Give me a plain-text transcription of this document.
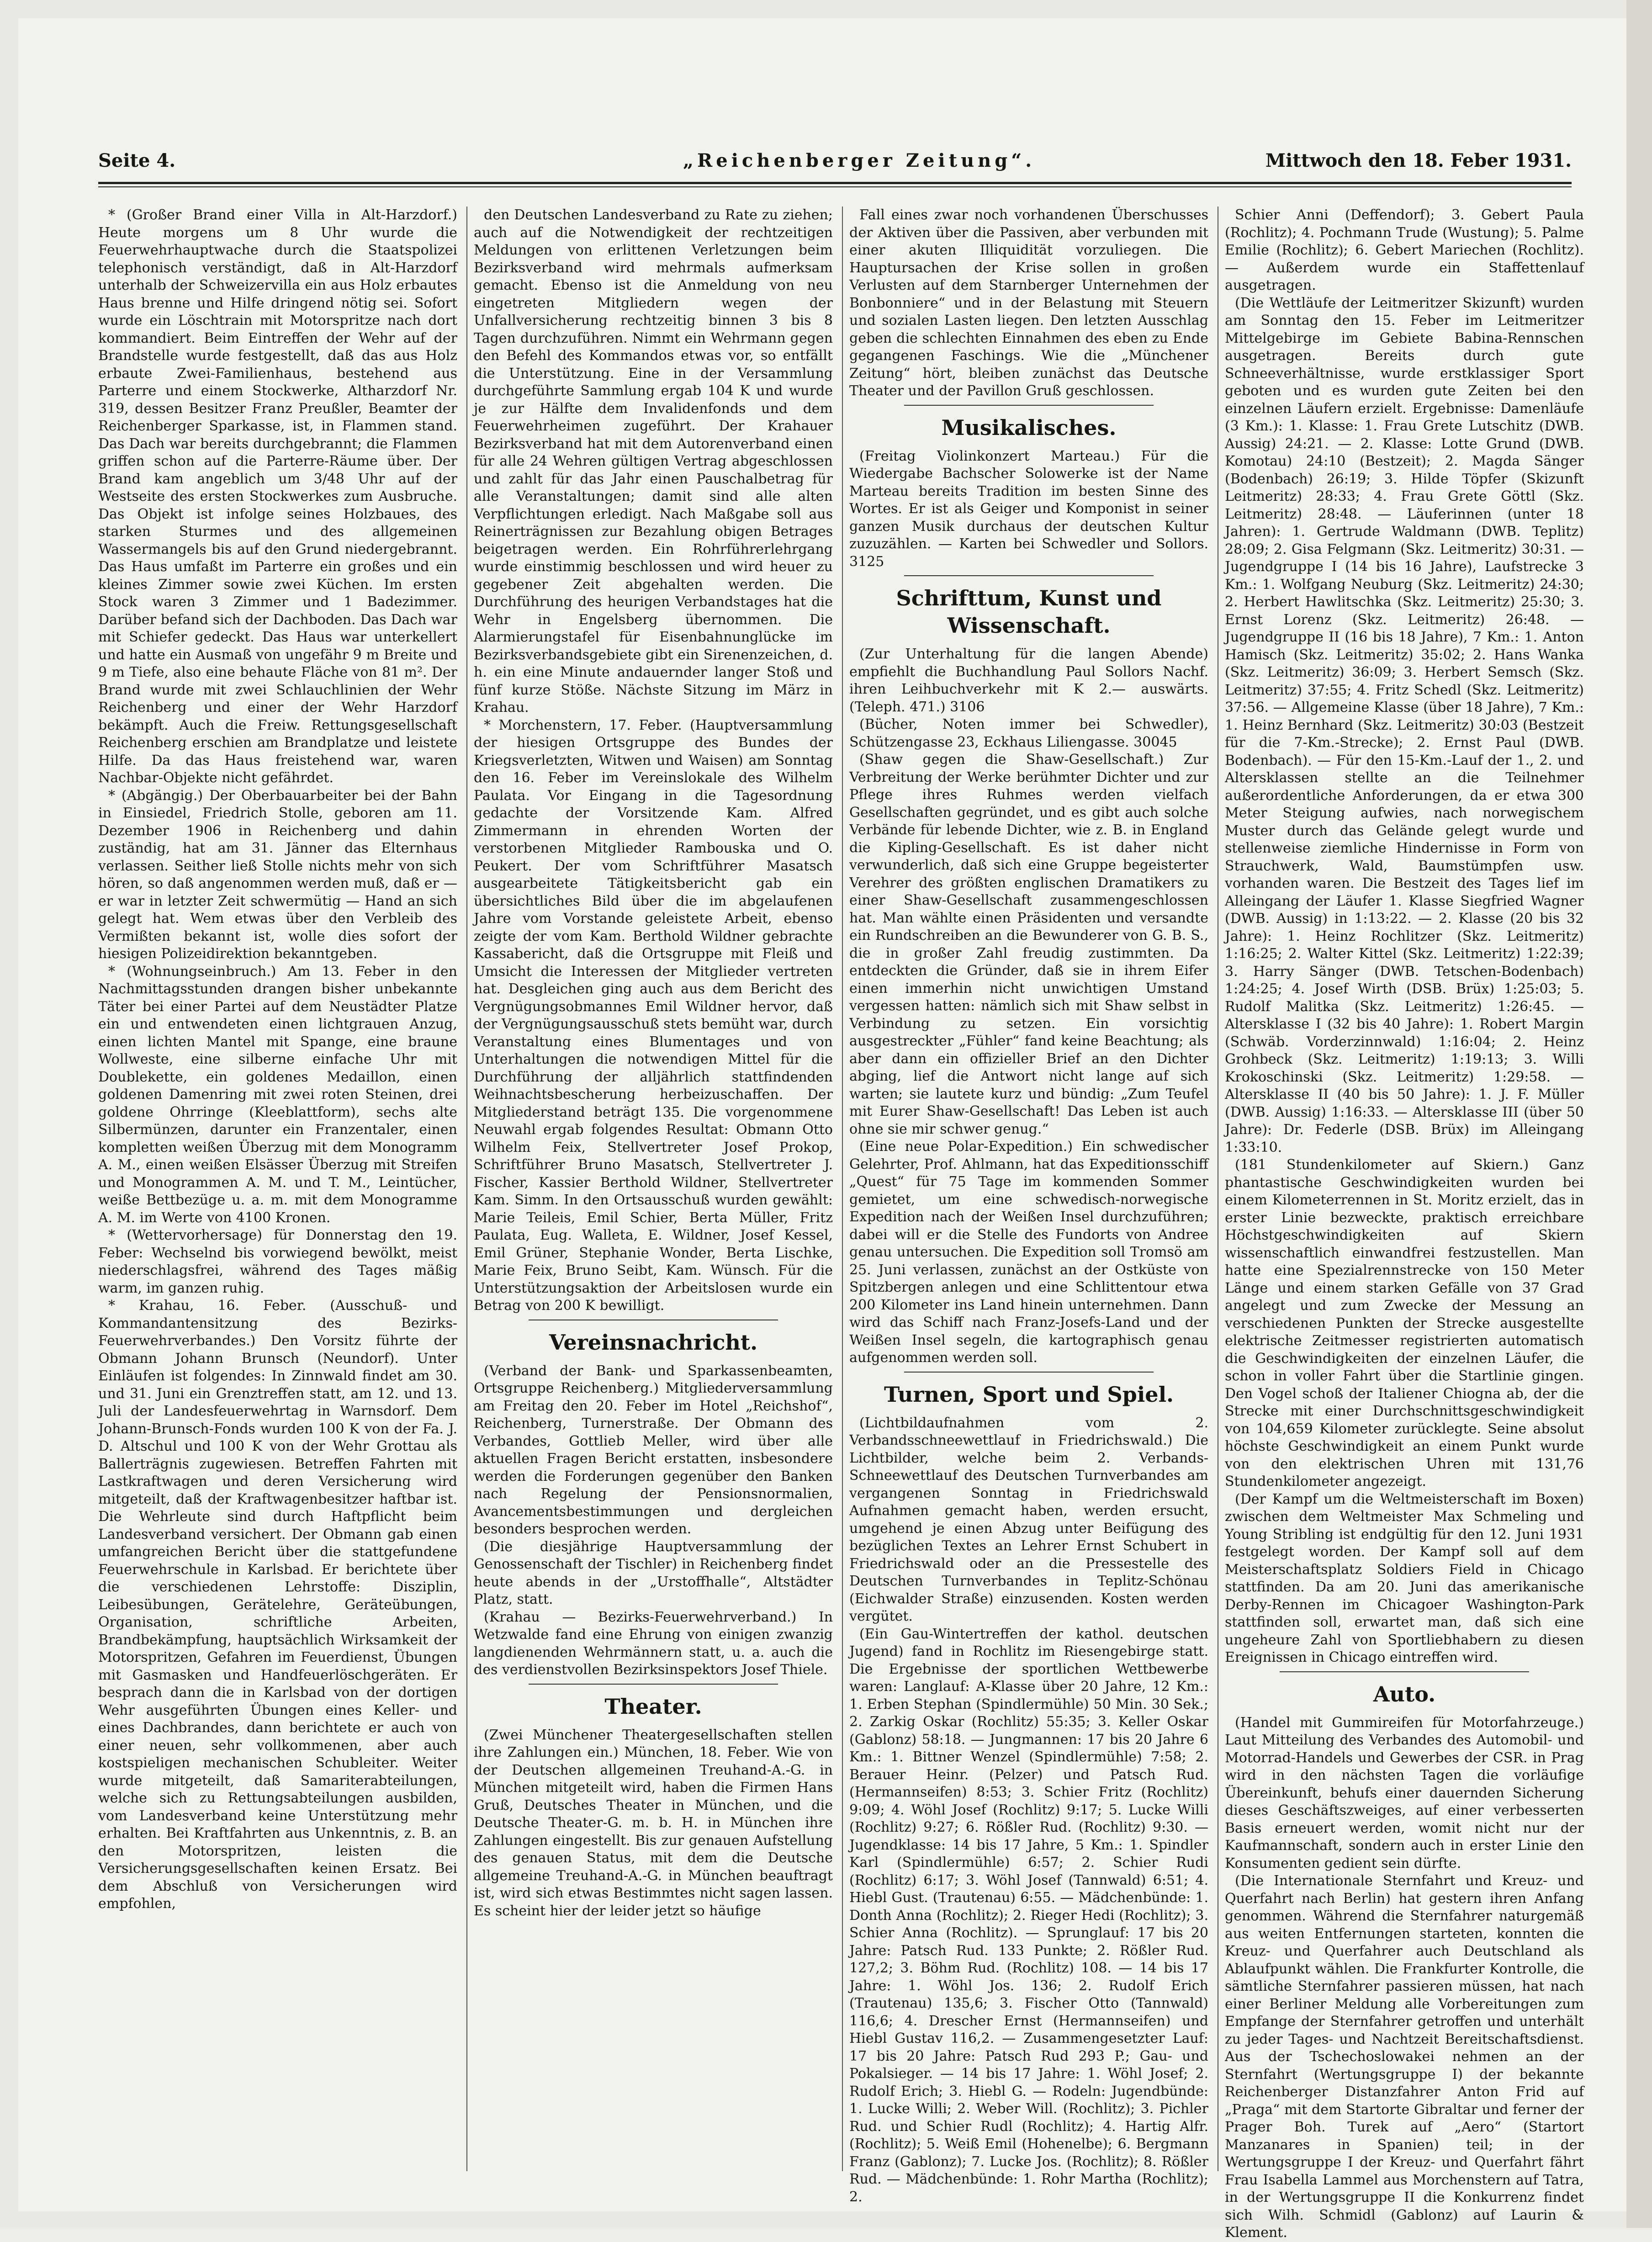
Seite 4.	„Reichenberger Zeitung“.	Mittwoch den 18. Feber 1931.

* (Großer Brand einer Villa in Alt-Harzdorf.) Heute morgens um 8 Uhr wurde die Feuerwehrhauptwache durch die Staatspolizei telephonisch verständigt, daß in Alt-Harzdorf unterhalb der Schweizervilla ein aus Holz erbautes Haus brenne und Hilfe dringend nötig sei. Sofort wurde ein Löschtrain mit Motorspritze nach dort kommandiert. Beim Eintreffen der Wehr auf der Brandstelle wurde festgestellt, daß das aus Holz erbaute Zwei-Familienhaus, bestehend aus Parterre und einem Stockwerke, Altharzdorf Nr. 319, dessen Besitzer Franz Preußler, Beamter der Reichenberger Sparkasse, ist, in Flammen stand. Das Dach war bereits durchgebrannt; die Flammen griffen schon auf die Parterre-Räume über. Der Brand kam angeblich um 3/48 Uhr auf der Westseite des ersten Stockwerkes zum Ausbruche. Das Objekt ist infolge seines Holzbaues, des starken Sturmes und des allgemeinen Wassermangels bis auf den Grund niedergebrannt. Das Haus umfaßt im Parterre ein großes und ein kleines Zimmer sowie zwei Küchen. Im ersten Stock waren 3 Zimmer und 1 Badezimmer. Darüber befand sich der Dachboden. Das Dach war mit Schiefer gedeckt. Das Haus war unterkellert und hatte ein Ausmaß von ungefähr 9 m Breite und 9 m Tiefe, also eine behaute Fläche von 81 m². Der Brand wurde mit zwei Schlauchlinien der Wehr Reichenberg und einer der Wehr Harzdorf bekämpft. Auch die Freiw. Rettungsgesellschaft Reichenberg erschien am Brandplatze und leistete Hilfe. Da das Haus freistehend war, waren Nachbar-Objekte nicht gefährdet.

* (Abgängig.) Der Oberbauarbeiter bei der Bahn in Einsiedel, Friedrich Stolle, geboren am 11. Dezember 1906 in Reichenberg und dahin zuständig, hat am 31. Jänner das Elternhaus verlassen. Seither ließ Stolle nichts mehr von sich hören, so daß angenommen werden muß, daß er — er war in letzter Zeit schwermütig — Hand an sich gelegt hat. Wem etwas über den Verbleib des Vermißten bekannt ist, wolle dies sofort der hiesigen Polizeidirektion bekanntgeben.

* (Wohnungseinbruch.) Am 13. Feber in den Nachmittagsstunden drangen bisher unbekannte Täter bei einer Partei auf dem Neustädter Platze ein und entwendeten einen lichtgrauen Anzug, einen lichten Mantel mit Spange, eine braune Wollweste, eine silberne einfache Uhr mit Doublekette, ein goldenes Medaillon, einen goldenen Damenring mit zwei roten Steinen, drei goldene Ohrringe (Kleeblattform), sechs alte Silbermünzen, darunter ein Franzentaler, einen kompletten weißen Überzug mit dem Monogramm A. M., einen weißen Elsässer Überzug mit Streifen und Monogrammen A. M. und T. M., Leintücher, weiße Bettbezüge u. a. m. mit dem Monogramme A. M. im Werte von 4100 Kronen.

* (Wettervorhersage) für Donnerstag den 19. Feber: Wechselnd bis vorwiegend bewölkt, meist niederschlagsfrei, während des Tages mäßig warm, im ganzen ruhig.

* Krahau, 16. Feber. (Ausschuß- und Kommandantensitzung des Bezirks-Feuerwehrverbandes.) Den Vorsitz führte der Obmann Johann Brunsch (Neundorf). Unter Einläufen ist folgendes: In Zinnwald findet am 30. und 31. Juni ein Grenztreffen statt, am 12. und 13. Juli der Landesfeuerwehrtag in Warnsdorf. Dem Johann-Brunsch-Fonds wurden 100 K von der Fa. J. D. Altschul und 100 K von der Wehr Grottau als Ballerträgnis zugewiesen. Betreffen Fahrten mit Lastkraftwagen und deren Versicherung wird mitgeteilt, daß der Kraftwagenbesitzer haftbar ist. Die Wehrleute sind durch Haftpflicht beim Landesverband versichert. Der Obmann gab einen umfangreichen Bericht über die stattgefundene Feuerwehrschule in Karlsbad. Er berichtete über die verschiedenen Lehrstoffe: Disziplin, Leibesübungen, Gerätelehre, Geräteübungen, Organisation, schriftliche Arbeiten, Brandbekämpfung, hauptsächlich Wirksamkeit der Motorspritzen, Gefahren im Feuerdienst, Übungen mit Gasmasken und Handfeuerlöschgeräten. Er besprach dann die in Karlsbad von der dortigen Wehr ausgeführten Übungen eines Keller- und eines Dachbrandes, dann berichtete er auch von einer neuen, sehr vollkommenen, aber auch kostspieligen mechanischen Schubleiter. Weiter wurde mitgeteilt, daß Samariterabteilungen, welche sich zu Rettungsabteilungen ausbilden, vom Landesverband keine Unterstützung mehr erhalten. Bei Kraftfahrten aus Unkenntnis, z. B. an den Motorspritzen, leisten die Versicherungsgesellschaften keinen Ersatz. Bei dem Abschluß von Versicherungen wird empfohlen,

den Deutschen Landesverband zu Rate zu ziehen; auch auf die Notwendigkeit der rechtzeitigen Meldungen von erlittenen Verletzungen beim Bezirksverband wird mehrmals aufmerksam gemacht. Ebenso ist die Anmeldung von neu eingetreten Mitgliedern wegen der Unfallversicherung rechtzeitig binnen 3 bis 8 Tagen durchzuführen. Nimmt ein Wehrmann gegen den Befehl des Kommandos etwas vor, so entfällt die Unterstützung. Eine in der Versammlung durchgeführte Sammlung ergab 104 K und wurde je zur Hälfte dem Invalidenfonds und dem Feuerwehrheimen zugeführt. Der Krahauer Bezirksverband hat mit dem Autorenverband einen für alle 24 Wehren gültigen Vertrag abgeschlossen und zahlt für das Jahr einen Pauschalbetrag für alle Veranstaltungen; damit sind alle alten Verpflichtungen erledigt. Nach Maßgabe soll aus Reinerträgnissen zur Bezahlung obigen Betrages beigetragen werden. Ein Rohrführerlehrgang wurde einstimmig beschlossen und wird heuer zu gegebener Zeit abgehalten werden. Die Durchführung des heurigen Verbandstages hat die Wehr in Engelsberg übernommen. Die Alarmierungstafel für Eisenbahnunglücke im Bezirksverbandsgebiete gibt ein Sirenenzeichen, d. h. ein eine Minute andauernder langer Stoß und fünf kurze Stöße. Nächste Sitzung im März in Krahau.

* Morchenstern, 17. Feber. (Hauptversammlung der hiesigen Ortsgruppe des Bundes der Kriegsverletzten, Witwen und Waisen) am Sonntag den 16. Feber im Vereinslokale des Wilhelm Paulata. Vor Eingang in die Tagesordnung gedachte der Vorsitzende Kam. Alfred Zimmermann in ehrenden Worten der verstorbenen Mitglieder Rambouska und O. Peukert. Der vom Schriftführer Masatsch ausgearbeitete Tätigkeitsbericht gab ein übersichtliches Bild über die im abgelaufenen Jahre vom Vorstande geleistete Arbeit, ebenso zeigte der vom Kam. Berthold Wildner gebrachte Kassabericht, daß die Ortsgruppe mit Fleiß und Umsicht die Interessen der Mitglieder vertreten hat. Desgleichen ging auch aus dem Bericht des Vergnügungsobmannes Emil Wildner hervor, daß der Vergnügungsausschuß stets bemüht war, durch Veranstaltung eines Blumentages und von Unterhaltungen die notwendigen Mittel für die Durchführung der alljährlich stattfindenden Weihnachtsbescherung herbeizuschaffen. Der Mitgliederstand beträgt 135. Die vorgenommene Neuwahl ergab folgendes Resultat: Obmann Otto Wilhelm Feix, Stellvertreter Josef Prokop, Schriftführer Bruno Masatsch, Stellvertreter J. Fischer, Kassier Berthold Wildner, Stellvertreter Kam. Simm. In den Ortsausschuß wurden gewählt: Marie Teileis, Emil Schier, Berta Müller, Fritz Paulata, Eug. Walleta, E. Wildner, Josef Kessel, Emil Grüner, Stephanie Wonder, Berta Lischke, Marie Feix, Bruno Seibt, Kam. Wünsch. Für die Unterstützungsaktion der Arbeitslosen wurde ein Betrag von 200 K bewilligt.

Vereinsnachricht.

(Verband der Bank- und Sparkassenbeamten, Ortsgruppe Reichenberg.) Mitgliederversammlung am Freitag den 20. Feber im Hotel „Reichshof“, Reichenberg, Turnerstraße. Der Obmann des Verbandes, Gottlieb Meller, wird über alle aktuellen Fragen Bericht erstatten, insbesondere werden die Forderungen gegenüber den Banken nach Regelung der Pensionsnormalien, Avancementsbestimmungen und dergleichen besonders besprochen werden.

(Die diesjährige Hauptversammlung der Genossenschaft der Tischler) in Reichenberg findet heute abends in der „Urstoffhalle“, Altstädter Platz, statt.

(Krahau — Bezirks-Feuerwehrverband.) In Wetzwalde fand eine Ehrung von einigen zwanzig langdienenden Wehrmännern statt, u. a. auch die des verdienstvollen Bezirksinspektors Josef Thiele.

Theater.

(Zwei Münchener Theatergesellschaften stellen ihre Zahlungen ein.) München, 18. Feber. Wie von der Deutschen allgemeinen Treuhand-A.-G. in München mitgeteilt wird, haben die Firmen Hans Gruß, Deutsches Theater in München, und die Deutsche Theater-G. m. b. H. in München ihre Zahlungen eingestellt. Bis zur genauen Aufstellung des genauen Status, mit dem die Deutsche allgemeine Treuhand-A.-G. in München beauftragt ist, wird sich etwas Bestimmtes nicht sagen lassen. Es scheint hier der leider jetzt so häufige

Fall eines zwar noch vorhandenen Überschusses der Aktiven über die Passiven, aber verbunden mit einer akuten Illiquidität vorzuliegen. Die Hauptursachen der Krise sollen in großen Verlusten auf dem Starnberger Unternehmen der Bonbonniere“ und in der Belastung mit Steuern und sozialen Lasten liegen. Den letzten Ausschlag geben die schlechten Einnahmen des eben zu Ende gegangenen Faschings. Wie die „Münchener Zeitung“ hört, bleiben zunächst das Deutsche Theater und der Pavillon Gruß geschlossen.

Musikalisches.

(Freitag Violinkonzert Marteau.) Für die Wiedergabe Bachscher Solowerke ist der Name Marteau bereits Tradition im besten Sinne des Wortes. Er ist als Geiger und Komponist in seiner ganzen Musik durchaus der deutschen Kultur zuzuzählen. — Karten bei Schwedler und Sollors. 3125

Schrifttum, Kunst und Wissenschaft.

(Zur Unterhaltung für die langen Abende) empfiehlt die Buchhandlung Paul Sollors Nachf. ihren Leihbuchverkehr mit K 2.— auswärts. (Teleph. 471.) 3106

(Bücher, Noten immer bei Schwedler), Schützengasse 23, Eckhaus Liliengasse. 30045

(Shaw gegen die Shaw-Gesellschaft.) Zur Verbreitung der Werke berühmter Dichter und zur Pflege ihres Ruhmes werden vielfach Gesellschaften gegründet, und es gibt auch solche Verbände für lebende Dichter, wie z. B. in England die Kipling-Gesellschaft. Es ist daher nicht verwunderlich, daß sich eine Gruppe begeisterter Verehrer des größten englischen Dramatikers zu einer Shaw-Gesellschaft zusammengeschlossen hat. Man wählte einen Präsidenten und versandte ein Rundschreiben an die Bewunderer von G. B. S., die in großer Zahl freudig zustimmten. Da entdeckten die Gründer, daß sie in ihrem Eifer einen immerhin nicht unwichtigen Umstand vergessen hatten: nämlich sich mit Shaw selbst in Verbindung zu setzen. Ein vorsichtig ausgestreckter „Fühler“ fand keine Beachtung; als aber dann ein offizieller Brief an den Dichter abging, lief die Antwort nicht lange auf sich warten; sie lautete kurz und bündig: „Zum Teufel mit Eurer Shaw-Gesellschaft! Das Leben ist auch ohne sie mir schwer genug.“

(Eine neue Polar-Expedition.) Ein schwedischer Gelehrter, Prof. Ahlmann, hat das Expeditionsschiff „Quest“ für 75 Tage im kommenden Sommer gemietet, um eine schwedisch-norwegische Expedition nach der Weißen Insel durchzuführen; dabei will er die Stelle des Fundorts von Andree genau untersuchen. Die Expedition soll Tromsö am 25. Juni verlassen, zunächst an der Ostküste von Spitzbergen anlegen und eine Schlittentour etwa 200 Kilometer ins Land hinein unternehmen. Dann wird das Schiff nach Franz-Josefs-Land und der Weißen Insel segeln, die kartographisch genau aufgenommen werden soll.

Turnen, Sport und Spiel.

(Lichtbildaufnahmen vom 2. Verbandsschneewettlauf in Friedrichswald.) Die Lichtbilder, welche beim 2. Verbands-Schneewettlauf des Deutschen Turnverbandes am vergangenen Sonntag in Friedrichswald Aufnahmen gemacht haben, werden ersucht, umgehend je einen Abzug unter Beifügung des bezüglichen Textes an Lehrer Ernst Schubert in Friedrichswald oder an die Pressestelle des Deutschen Turnverbandes in Teplitz-Schönau (Eichwalder Straße) einzusenden. Kosten werden vergütet.

(Ein Gau-Wintertreffen der kathol. deutschen Jugend) fand in Rochlitz im Riesengebirge statt. Die Ergebnisse der sportlichen Wettbewerbe waren: Langlauf: A-Klasse über 20 Jahre, 12 Km.: 1. Erben Stephan (Spindlermühle) 50 Min. 30 Sek.; 2. Zarkig Oskar (Rochlitz) 55:35; 3. Keller Oskar (Gablonz) 58:18. — Jungmannen: 17 bis 20 Jahre 6 Km.: 1. Bittner Wenzel (Spindlermühle) 7:58; 2. Berauer Heinr. (Pelzer) und Patsch Rud. (Hermannseifen) 8:53; 3. Schier Fritz (Rochlitz) 9:09; 4. Wöhl Josef (Rochlitz) 9:17; 5. Lucke Willi (Rochlitz) 9:27; 6. Rößler Rud. (Rochlitz) 9:30. — Jugendklasse: 14 bis 17 Jahre, 5 Km.: 1. Spindler Karl (Spindlermühle) 6:57; 2. Schier Rudi (Rochlitz) 6:17; 3. Wöhl Josef (Tannwald) 6:51; 4. Hiebl Gust. (Trautenau) 6:55. — Mädchenbünde: 1. Donth Anna (Rochlitz); 2. Rieger Hedi (Rochlitz); 3. Schier Anna (Rochlitz). — Sprunglauf: 17 bis 20 Jahre: Patsch Rud. 133 Punkte; 2. Rößler Rud. 127,2; 3. Böhm Rud. (Rochlitz) 108. — 14 bis 17 Jahre: 1. Wöhl Jos. 136; 2. Rudolf Erich (Trautenau) 135,6; 3. Fischer Otto (Tannwald) 116,6; 4. Drescher Ernst (Hermannseifen) und Hiebl Gustav 116,2. — Zusammengesetzter Lauf: 17 bis 20 Jahre: Patsch Rud 293 P.; Gau- und Pokalsieger. — 14 bis 17 Jahre: 1. Wöhl Josef; 2. Rudolf Erich; 3. Hiebl G. — Rodeln: Jugendbünde: 1. Lucke Willi; 2. Weber Will. (Rochlitz); 3. Pichler Rud. und Schier Rudl (Rochlitz); 4. Hartig Alfr. (Rochlitz); 5. Weiß Emil (Hohenelbe); 6. Bergmann Franz (Gablonz); 7. Lucke Jos. (Rochlitz); 8. Rößler Rud. — Mädchenbünde: 1. Rohr Martha (Rochlitz); 2.

Schier Anni (Deffendorf); 3. Gebert Paula (Rochlitz); 4. Pochmann Trude (Wustung); 5. Palme Emilie (Rochlitz); 6. Gebert Mariechen (Rochlitz). — Außerdem wurde ein Staffettenlauf ausgetragen.

(Die Wettläufe der Leitmeritzer Skizunft) wurden am Sonntag den 15. Feber im Leitmeritzer Mittelgebirge im Gebiete Babina-Rennschen ausgetragen. Bereits durch gute Schneeverhältnisse, wurde erstklassiger Sport geboten und es wurden gute Zeiten bei den einzelnen Läufern erzielt. Ergebnisse: Damenläufe (3 Km.): 1. Klasse: 1. Frau Grete Lutschitz (DWB. Aussig) 24:21. — 2. Klasse: Lotte Grund (DWB. Komotau) 24:10 (Bestzeit); 2. Magda Sänger (Bodenbach) 26:19; 3. Hilde Töpfer (Skizunft Leitmeritz) 28:33; 4. Frau Grete Göttl (Skz. Leitmeritz) 28:48. — Läuferinnen (unter 18 Jahren): 1. Gertrude Waldmann (DWB. Teplitz) 28:09; 2. Gisa Felgmann (Skz. Leitmeritz) 30:31. — Jugendgruppe I (14 bis 16 Jahre), Laufstrecke 3 Km.: 1. Wolfgang Neuburg (Skz. Leitmeritz) 24:30; 2. Herbert Hawlitschka (Skz. Leitmeritz) 25:30; 3. Ernst Lorenz (Skz. Leitmeritz) 26:48. — Jugendgruppe II (16 bis 18 Jahre), 7 Km.: 1. Anton Hamisch (Skz. Leitmeritz) 35:02; 2. Hans Wanka (Skz. Leitmeritz) 36:09; 3. Herbert Semsch (Skz. Leitmeritz) 37:55; 4. Fritz Schedl (Skz. Leitmeritz) 37:56. — Allgemeine Klasse (über 18 Jahre), 7 Km.: 1. Heinz Bernhard (Skz. Leitmeritz) 30:03 (Bestzeit für die 7-Km.-Strecke); 2. Ernst Paul (DWB. Bodenbach). — Für den 15-Km.-Lauf der 1., 2. und Altersklassen stellte an die Teilnehmer außerordentliche Anforderungen, da er etwa 300 Meter Steigung aufwies, nach norwegischem Muster durch das Gelände gelegt wurde und stellenweise ziemliche Hindernisse in Form von Strauchwerk, Wald, Baumstümpfen usw. vorhanden waren. Die Bestzeit des Tages lief im Alleingang der Läufer 1. Klasse Siegfried Wagner (DWB. Aussig) in 1:13:22. — 2. Klasse (20 bis 32 Jahre): 1. Heinz Rochlitzer (Skz. Leitmeritz) 1:16:25; 2. Walter Kittel (Skz. Leitmeritz) 1:22:39; 3. Harry Sänger (DWB. Tetschen-Bodenbach) 1:24:25; 4. Josef Wirth (DSB. Brüx) 1:25:03; 5. Rudolf Malitka (Skz. Leitmeritz) 1:26:45. — Altersklasse I (32 bis 40 Jahre): 1. Robert Margin (Schwäb. Vorderzinnwald) 1:16:04; 2. Heinz Grohbeck (Skz. Leitmeritz) 1:19:13; 3. Willi Krokoschinski (Skz. Leitmeritz) 1:29:58. — Altersklasse II (40 bis 50 Jahre): 1. J. F. Müller (DWB. Aussig) 1:16:33. — Altersklasse III (über 50 Jahre): Dr. Federle (DSB. Brüx) im Alleingang 1:33:10.

(181 Stundenkilometer auf Skiern.) Ganz phantastische Geschwindigkeiten wurden bei einem Kilometerrennen in St. Moritz erzielt, das in erster Linie bezweckte, praktisch erreichbare Höchstgeschwindigkeiten auf Skiern wissenschaftlich einwandfrei festzustellen. Man hatte eine Spezialrennstrecke von 150 Meter Länge und einem starken Gefälle von 37 Grad angelegt und zum Zwecke der Messung an verschiedenen Punkten der Strecke ausgestellte elektrische Zeitmesser registrierten automatisch die Geschwindigkeiten der einzelnen Läufer, die schon in voller Fahrt über die Startlinie gingen. Den Vogel schoß der Italiener Chiogna ab, der die Strecke mit einer Durchschnittsgeschwindigkeit von 104,659 Kilometer zurücklegte. Seine absolut höchste Geschwindigkeit an einem Punkt wurde von den elektrischen Uhren mit 131,76 Stundenkilometer angezeigt.

(Der Kampf um die Weltmeisterschaft im Boxen) zwischen dem Weltmeister Max Schmeling und Young Stribling ist endgültig für den 12. Juni 1931 festgelegt worden. Der Kampf soll auf dem Meisterschaftsplatz Soldiers Field in Chicago stattfinden. Da am 20. Juni das amerikanische Derby-Rennen im Chicagoer Washington-Park stattfinden soll, erwartet man, daß sich eine ungeheure Zahl von Sportliebhabern zu diesen Ereignissen in Chicago eintreffen wird.

Auto.

(Handel mit Gummireifen für Motorfahrzeuge.) Laut Mitteilung des Verbandes des Automobil- und Motorrad-Handels und Gewerbes der CSR. in Prag wird in den nächsten Tagen die vorläufige Übereinkunft, behufs einer dauernden Sicherung dieses Geschäftszweiges, auf einer verbesserten Basis erneuert werden, womit nicht nur der Kaufmannschaft, sondern auch in erster Linie den Konsumenten gedient sein dürfte.

(Die Internationale Sternfahrt und Kreuz- und Querfahrt nach Berlin) hat gestern ihren Anfang genommen. Während die Sternfahrer naturgemäß aus weiten Entfernungen starteten, konnten die Kreuz- und Querfahrer auch Deutschland als Ablaufpunkt wählen. Die Frankfurter Kontrolle, die sämtliche Sternfahrer passieren müssen, hat nach einer Berliner Meldung alle Vorbereitungen zum Empfange der Sternfahrer getroffen und unterhält zu jeder Tages- und Nachtzeit Bereitschaftsdienst. Aus der Tschechoslowakei nehmen an der Sternfahrt (Wertungsgruppe I) der bekannte Reichenberger Distanzfahrer Anton Frid auf „Praga“ mit dem Startorte Gibraltar und ferner der Prager Boh. Turek auf „Aero“ (Startort Manzanares in Spanien) teil; in der Wertungsgruppe I der Kreuz- und Querfahrt fährt Frau Isabella Lammel aus Morchenstern auf Tatra, in der Wertungsgruppe II die Konkurrenz findet sich Wilh. Schmidl (Gablonz) auf Laurin & Klement.
